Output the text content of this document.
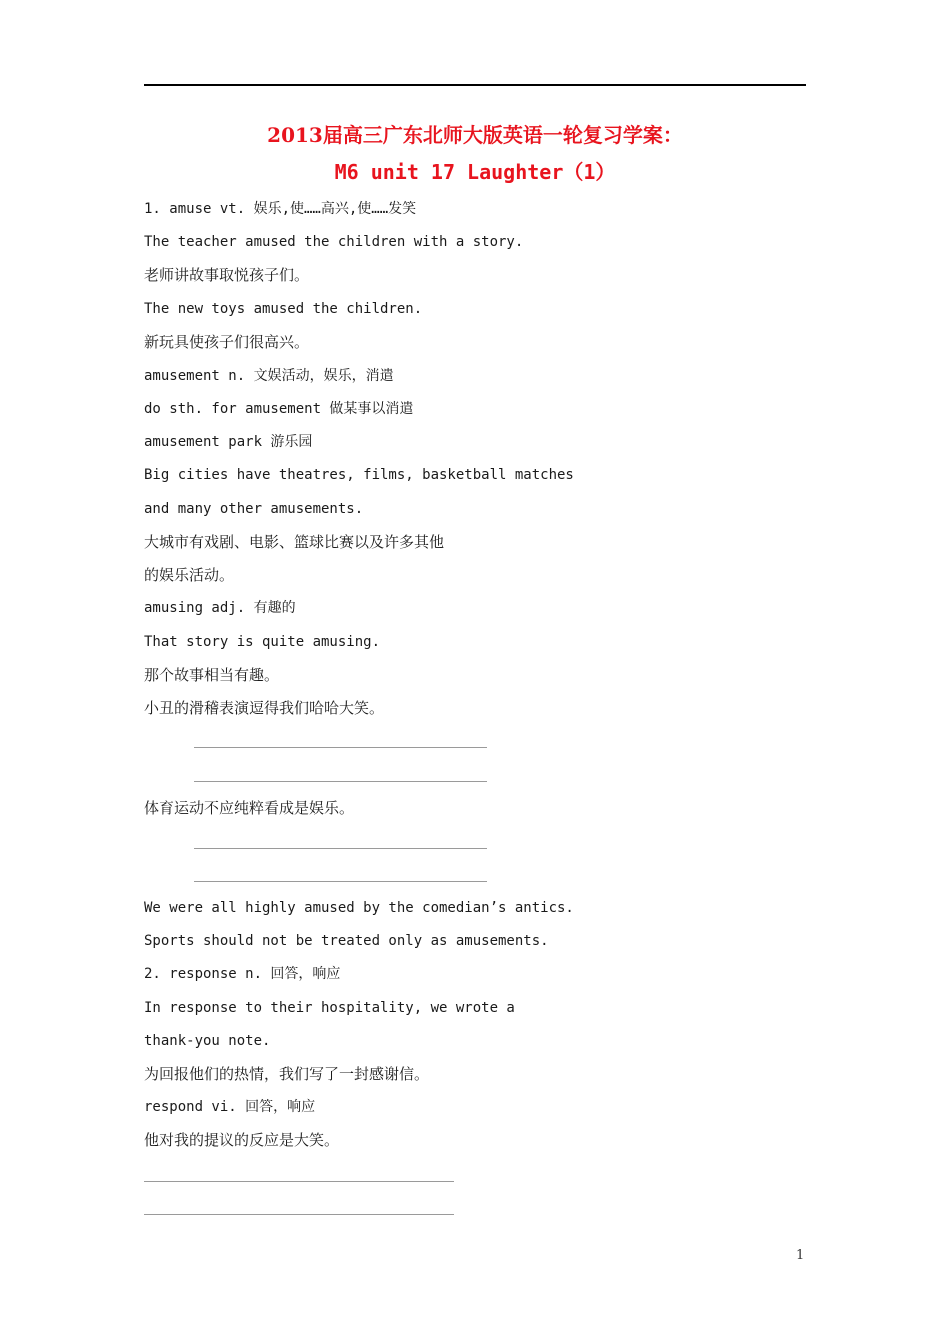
2013届高三广东北师大版英语一轮复习学案：
M6 unit 17 Laughter（1）
1. amuse vt. 娱乐,使……高兴,使……发笑
The teacher amused the children with a story.
老师讲故事取悦孩子们。
The new toys amused the children.
新玩具使孩子们很高兴。
amusement n. 文娱活动，娱乐，消遣
do sth. for amusement 做某事以消遣
amusement park 游乐园
Big cities have theatres, films, basketball matches
and many other amusements.
大城市有戏剧、电影、篮球比赛以及许多其他
的娱乐活动。
amusing adj. 有趣的
That story is quite amusing.
那个故事相当有趣。
小丑的滑稽表演逗得我们哈哈大笑。
体育运动不应纯粹看成是娱乐。
We were all highly amused by the comedian’s antics.
Sports should not be treated only as amusements.
2. response n. 回答，响应
In response to their hospitality, we wrote a
thank-you note.
为回报他们的热情，我们写了一封感谢信。
respond vi. 回答，响应
他对我的提议的反应是大笑。
1
